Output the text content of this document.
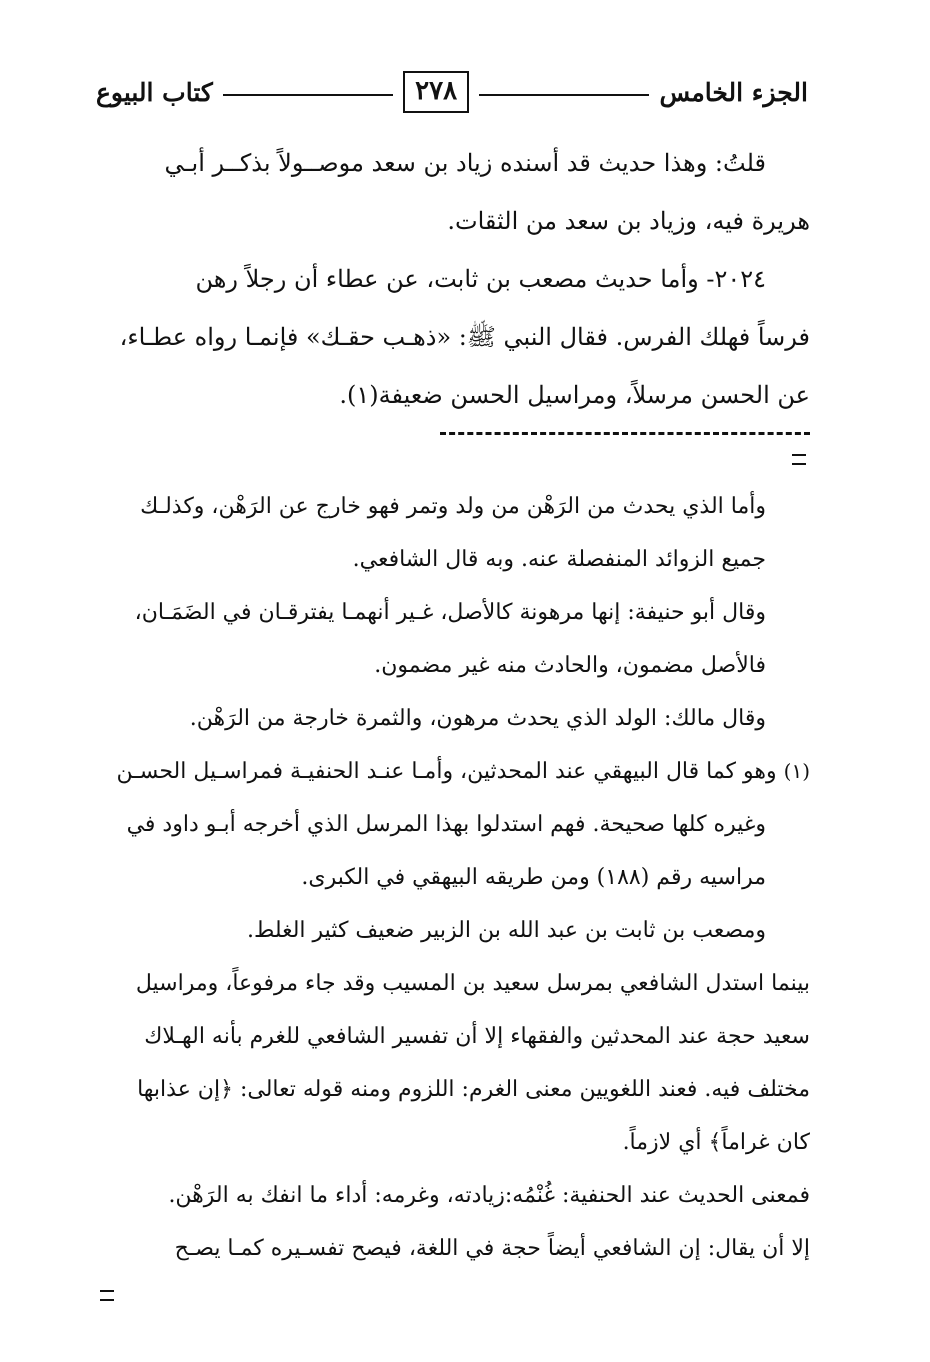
الجزء الخامس
٢٧٨
كتاب البيوع

قلتُ: وهذا حديث قد أسنده زياد بن سعد موصــولاً بذكــر أبـي

هريرة فيه، وزياد بن سعد من الثقات.

٢٠٢٤- وأما حديث مصعب بن ثابت، عن عطاء أن رجلاً رهن

فرساً فهلك الفرس. فقال النبي ﷺ: «ذهـب حقـك» فإنمـا رواه عطـاء،

عن الحسن مرسلاً، ومراسيل الحسن ضعيفة(١).

وأما الذي يحدث من الرَهْن من ولد وتمر فهو خارج عن الرَهْن، وكذلـك

جميع الزوائد المنفصلة عنه. وبه قال الشافعي.

وقال أبو حنيفة: إنها مرهونة كالأصل، غـير أنهمـا يفترقـان في الضَمَـان،

فالأصل مضمون، والحادث منه غير مضمون.

وقال مالك: الولد الذي يحدث مرهون، والثمرة خارجة من الرَهْن.

(١) وهو كما قال البيهقي عند المحدثين، وأمـا عنـد الحنفيـة فمراسـيل الحسـن

وغيره كلها صحيحة. فهم استدلوا بهذا المرسل الذي أخرجه أبـو داود في

مراسيه رقم (١٨٨) ومن طريقه البيهقي في الكبرى.

ومصعب بن ثابت بن عبد الله بن الزبير ضعيف كثير الغلط.

بينما استدل الشافعي بمرسل سعيد بن المسيب وقد جاء مرفوعاً، ومراسيل

سعيد حجة عند المحدثين والفقهاء إلا أن تفسير الشافعي للغرم بأنه الهـلاك

مختلف فيه. فعند اللغويين معنى الغرم: اللزوم ومنه قوله تعالى: ﴿إن عذابها

كان غراماً﴾ أي لازماً.

فمعنى الحديث عند الحنفية: غُنْمُه:زيادته، وغرمه: أداء ما انفك به الرَهْن.

إلا أن يقال: إن الشافعي أيضاً حجة في اللغة، فيصح تفسـيره كمـا يصـح
